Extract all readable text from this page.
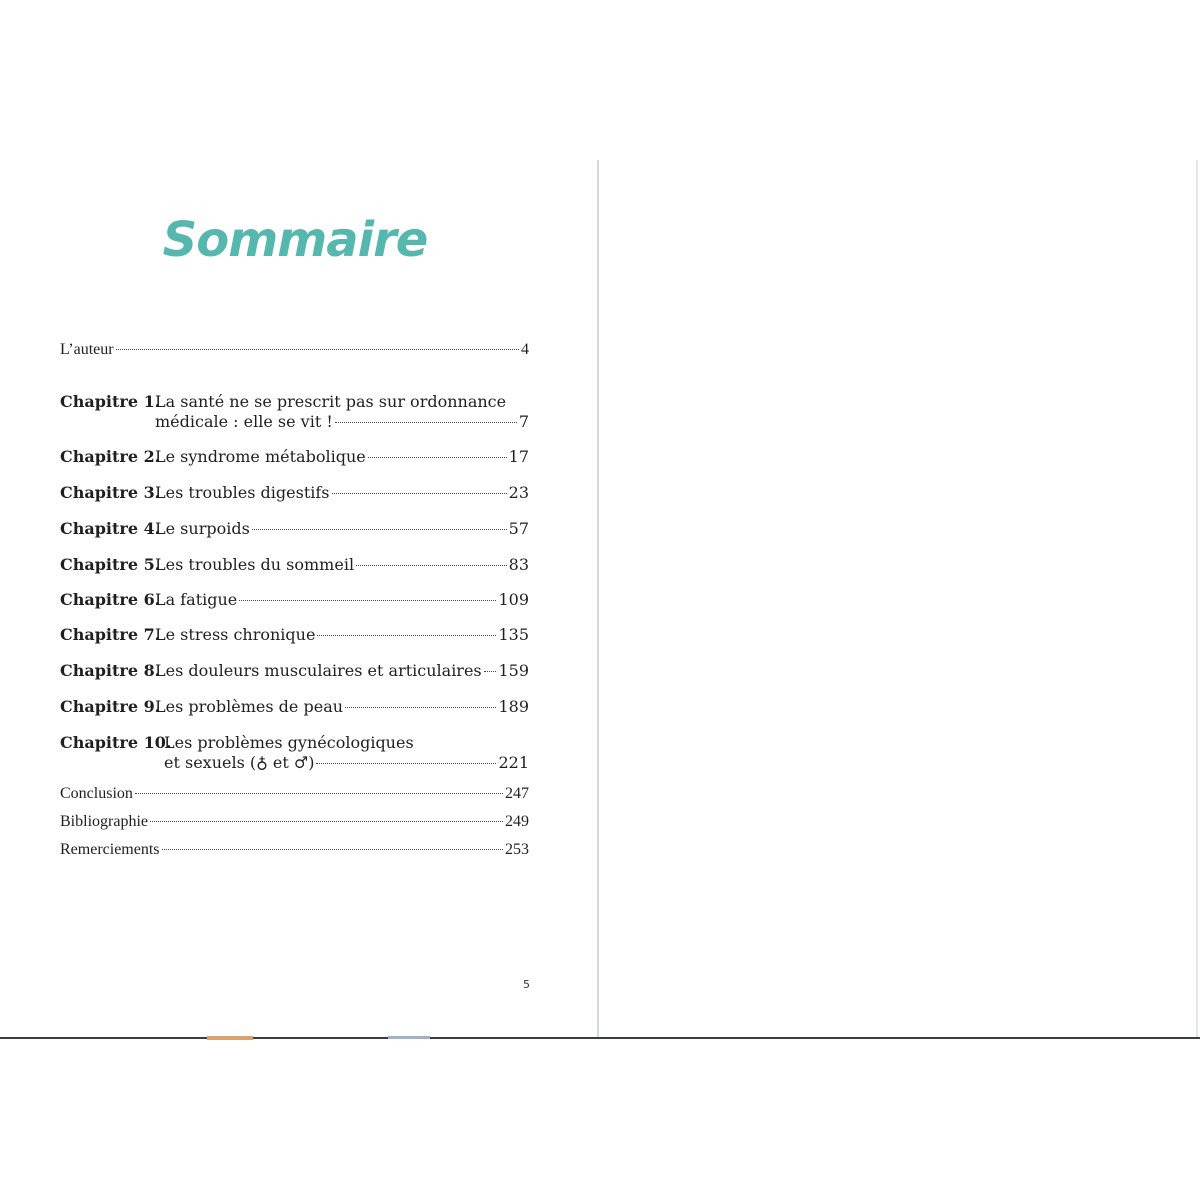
Sommaire
L’auteur	4
Chapitre 1.
La santé ne se prescrit pas sur ordonnance
médicale : elle se vit !	7
Chapitre 2.
Le syndrome métabolique	17
Chapitre 3.
Les troubles digestifs	23
Chapitre 4.
Le surpoids	57
Chapitre 5.
Les troubles du sommeil	83
Chapitre 6.
La fatigue	109
Chapitre 7.
Le stress chronique	135
Chapitre 8.
Les douleurs musculaires et articulaires 159
Chapitre 9.
Les problèmes de peau	189
Chapitre 10.
Les problèmes gynécologiques
et sexuels (♁ et ♂)	221
Conclusion	247
Bibliographie	249
Remerciements	253
5
